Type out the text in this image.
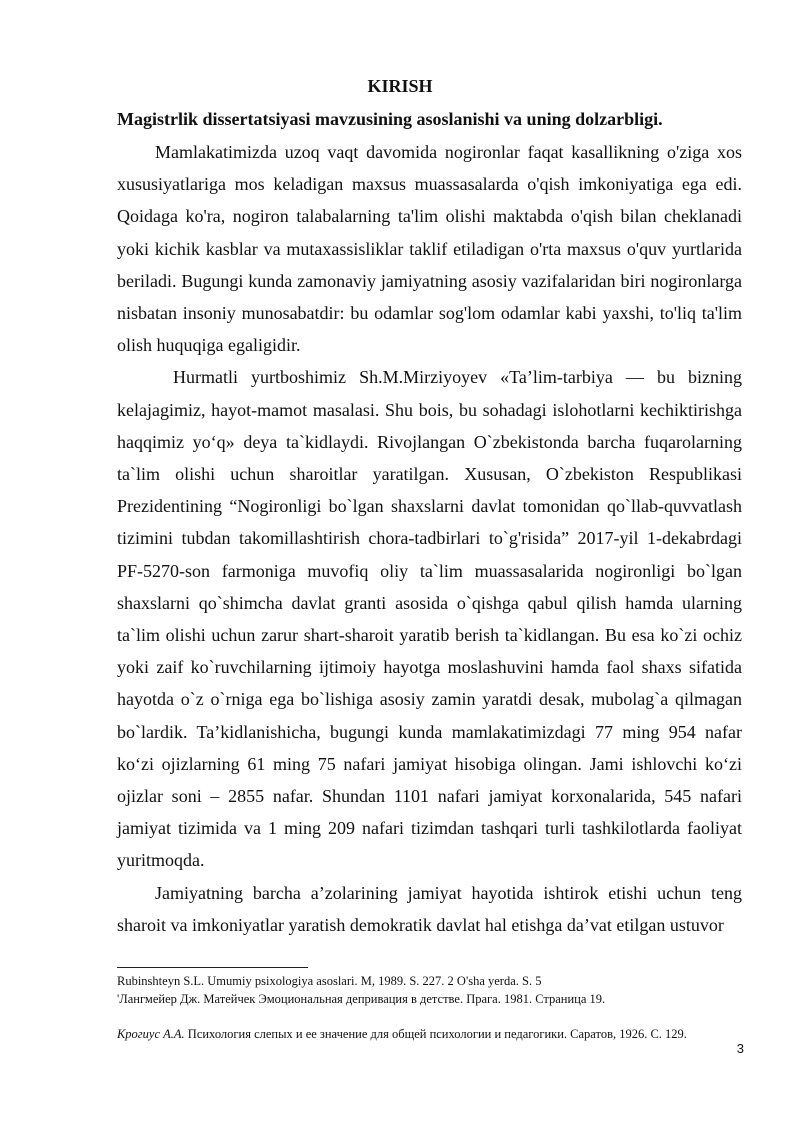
KIRISH
Magistrlik dissertatsiyasi mavzusining asoslanishi va uning dolzarbligi.

Mamlakatimizda uzoq vaqt davomida nogironlar faqat kasallikning o'ziga xos xususiyatlariga mos keladigan maxsus muassasalarda o'qish imkoniyatiga ega edi. Qoidaga ko'ra, nogiron talabalarning ta'lim olishi maktabda o'qish bilan cheklanadi yoki kichik kasblar va mutaxassisliklar taklif etiladigan o'rta maxsus o'quv yurtlarida beriladi. Bugungi kunda zamonaviy jamiyatning asosiy vazifalaridan biri nogironlarga nisbatan insoniy munosabatdir: bu odamlar sog'lom odamlar kabi yaxshi, to'liq ta'lim olish huquqiga egaligidir.

Hurmatli yurtboshimiz Sh.M.Mirziyoyev «Ta’lim-tarbiya — bu bizning kelajagimiz, hayot-mamot masalasi. Shu bois, bu sohadagi islohotlarni kechiktirishga haqqimiz yo‘q» deya ta`kidlaydi. Rivojlangan O`zbekistonda barcha fuqarolarning ta`lim olishi uchun sharoitlar yaratilgan. Xususan, O`zbekiston Respublikasi Prezidentining “Nogironligi bo`lgan shaxslarni davlat tomonidan qo`llab-quvvatlash tizimini tubdan takomillashtirish chora-tadbirlari to`g'risida” 2017-yil 1-dekabrdagi PF-5270-son farmoniga muvofiq oliy ta`lim muassasalarida nogironligi bo`lgan shaxslarni qo`shimcha davlat granti asosida o`qishga qabul qilish hamda ularning ta`lim olishi uchun zarur shart-sharoit yaratib berish ta`kidlangan. Bu esa ko`zi ochiz yoki zaif ko`ruvchilarning ijtimoiy hayotga moslashuvini hamda faol shaxs sifatida hayotda o`z o`rniga ega bo`lishiga asosiy zamin yaratdi desak, mubolag`a qilmagan bo`lardik. Ta’kidlanishicha, bugungi kunda mamlakatimizdagi 77 ming 954 nafar ko‘zi ojizlarning 61 ming 75 nafari jamiyat hisobiga olingan. Jami ishlovchi ko‘zi ojizlar soni – 2855 nafar. Shundan 1101 nafari jamiyat korxonalarida, 545 nafari jamiyat tizimida va 1 ming 209 nafari tizimdan tashqari turli tashkilotlarda faoliyat yuritmoqda.

Jamiyatning barcha a’zolarining jamiyat hayotida ishtirok etishi uchun teng sharoit va imkoniyatlar yaratish demokratik davlat hal etishga da’vat etilgan ustuvor

Rubinshteyn S.L. Umumiy psixologiya asoslari. M, 1989. S. 227. 2 O'sha yerda. S. 5

'Лангмейер Дж. Матейчек Эмоциональная депривация в детстве. Прага. 1981. Страница 19.

Крогиус А.А. Психология слепых и ее значение для общей психологии и педагогики. Саратов, 1926. С. 129.

3
